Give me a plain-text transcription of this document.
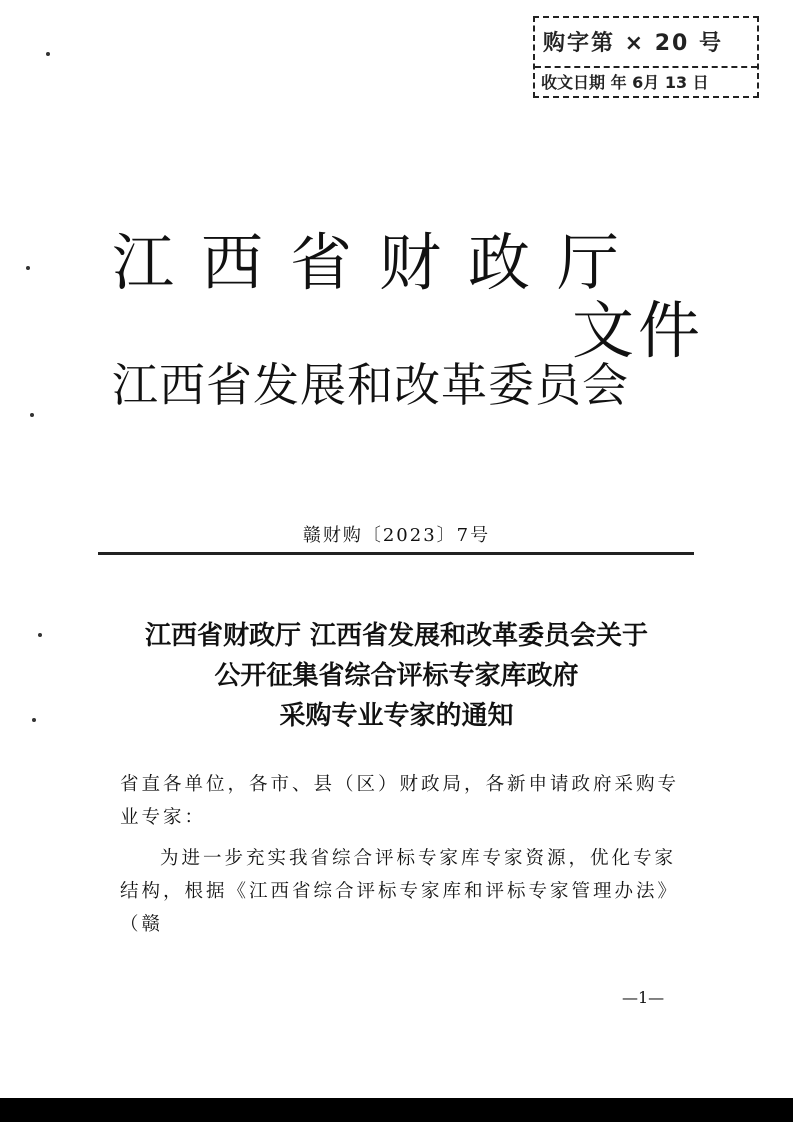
购字第 × 20 号
收文日期 年 6月 13 日
江西省财政厅
文件
江西省发展和改革委员会
赣财购〔2023〕7号
江西省财政厅 江西省发展和改革委员会关于
公开征集省综合评标专家库政府
采购专业专家的通知
省直各单位，各市、县（区）财政局，各新申请政府采购专业专家：
为进一步充实我省综合评标专家库专家资源，优化专家结构，根据《江西省综合评标专家库和评标专家管理办法》（赣
—1—
